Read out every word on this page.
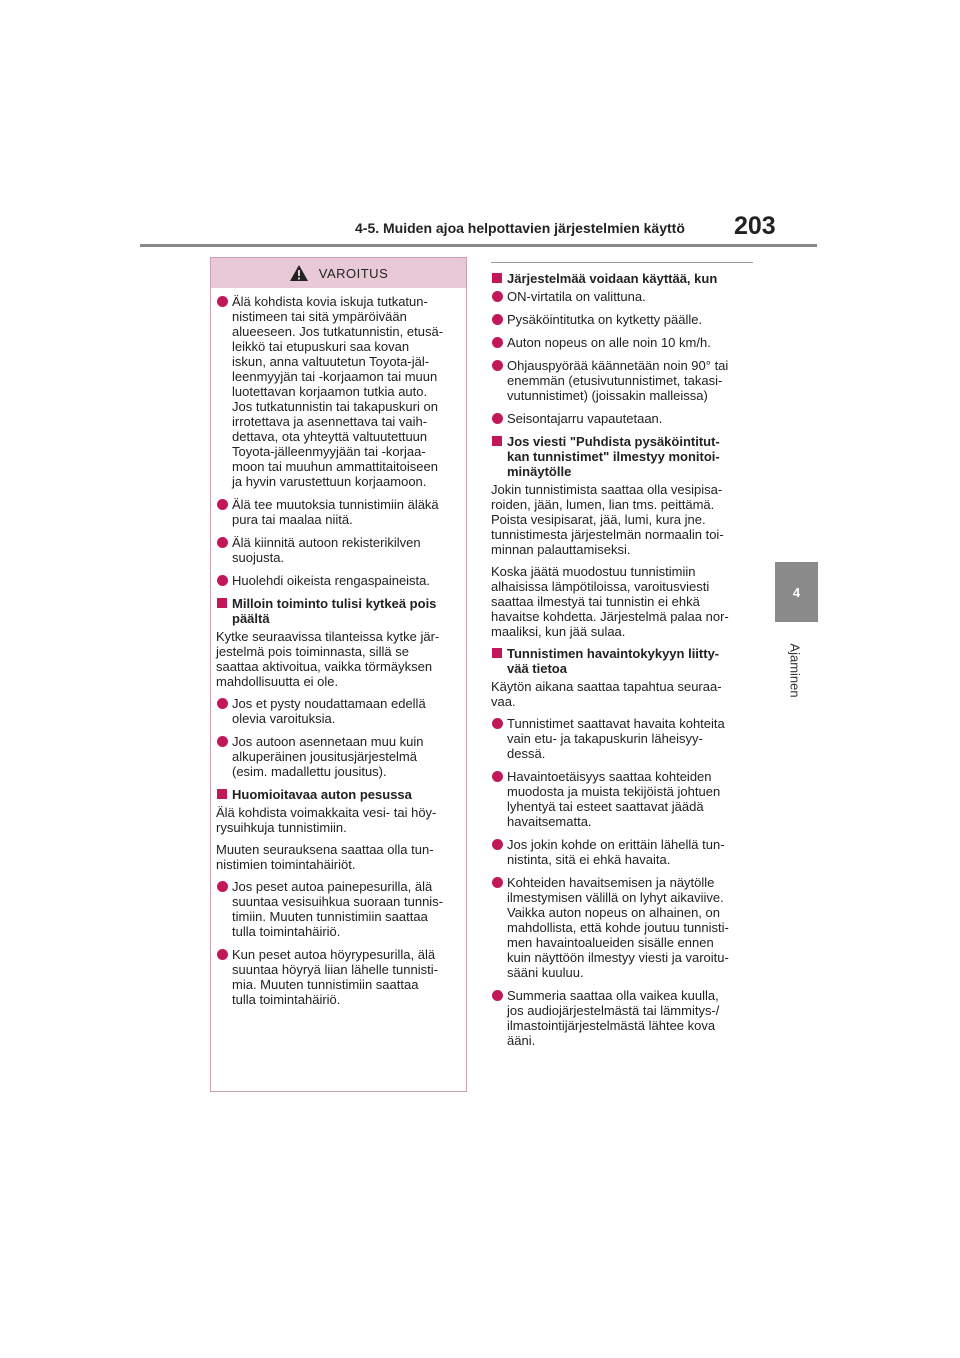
4-5. Muiden ajoa helpottavien järjestelmien käyttö 203
4
Ajaminen
VAROITUS

Älä kohdista kovia iskuja tutkatun-
nistimeen tai sitä ympäröivään
alueeseen. Jos tutkatunnistin, etusä-
leikkö tai etupuskuri saa kovan
iskun, anna valtuutetun Toyota-jäl-
leenmyyjän tai -korjaamon tai muun
luotettavan korjaamon tutkia auto.
Jos tutkatunnistin tai takapuskuri on
irrotettava ja asennettava tai vaih-
dettava, ota yhteyttä valtuutettuun
Toyota-jälleenmyyjään tai -korjaa-
moon tai muuhun ammattitaitoiseen
ja hyvin varustettuun korjaamoon.

Älä tee muutoksia tunnistimiin äläkä
pura tai maalaa niitä.

Älä kiinnitä autoon rekisterikilven
suojusta.

Huolehdi oikeista rengaspaineista.

Milloin toiminto tulisi kytkeä pois
päältä

Kytke seuraavissa tilanteissa kytke jär-
jestelmä pois toiminnasta, sillä se
saattaa aktivoitua, vaikka törmäyksen
mahdollisuutta ei ole.

Jos et pysty noudattamaan edellä
olevia varoituksia.

Jos autoon asennetaan muu kuin
alkuperäinen jousitusjärjestelmä
(esim. madallettu jousitus).

Huomioitavaa auton pesussa

Älä kohdista voimakkaita vesi- tai höy-
rysuihkuja tunnistimiin.

Muuten seurauksena saattaa olla tun-
nistimien toimintahäiriöt.

Jos peset autoa painepesurilla, älä
suuntaa vesisuihkua suoraan tunnis-
timiin. Muuten tunnistimiin saattaa
tulla toimintahäiriö.

Kun peset autoa höyrypesurilla, älä
suuntaa höyryä liian lähelle tunnisti-
mia. Muuten tunnistimiin saattaa
tulla toimintahäiriö.

Järjestelmää voidaan käyttää, kun

ON-virtatila on valittuna.

Pysäköintitutka on kytketty päälle.

Auton nopeus on alle noin 10 km/h.

Ohjauspyörää käännetään noin 90° tai
enemmän (etusivutunnistimet, takasi-
vutunnistimet) (joissakin malleissa)

Seisontajarru vapautetaan.

Jos viesti "Puhdista pysäköintitut-
kan tunnistimet" ilmestyy monitoi-
minäytölle

Jokin tunnistimista saattaa olla vesipisa-
roiden, jään, lumen, lian tms. peittämä.
Poista vesipisarat, jää, lumi, kura jne.
tunnistimesta järjestelmän normaalin toi-
minnan palauttamiseksi.

Koska jäätä muodostuu tunnistimiin
alhaisissa lämpötiloissa, varoitusviesti
saattaa ilmestyä tai tunnistin ei ehkä
havaitse kohdetta. Järjestelmä palaa nor-
maaliksi, kun jää sulaa.

Tunnistimen havaintokykyyn liitty-
vää tietoa

Käytön aikana saattaa tapahtua seuraa-
vaa.

Tunnistimet saattavat havaita kohteita
vain etu- ja takapuskurin läheisyy-
dessä.

Havaintoetäisyys saattaa kohteiden
muodosta ja muista tekijöistä johtuen
lyhentyä tai esteet saattavat jäädä
havaitsematta.

Jos jokin kohde on erittäin lähellä tun-
nistinta, sitä ei ehkä havaita.

Kohteiden havaitsemisen ja näytölle
ilmestymisen välillä on lyhyt aikaviive.
Vaikka auton nopeus on alhainen, on
mahdollista, että kohde joutuu tunnisti-
men havaintoalueiden sisälle ennen
kuin näyttöön ilmestyy viesti ja varoitu-
sääni kuuluu.

Summeria saattaa olla vaikea kuulla,
jos audiojärjestelmästä tai lämmitys-/
ilmastointijärjestelmästä lähtee kova
ääni.
